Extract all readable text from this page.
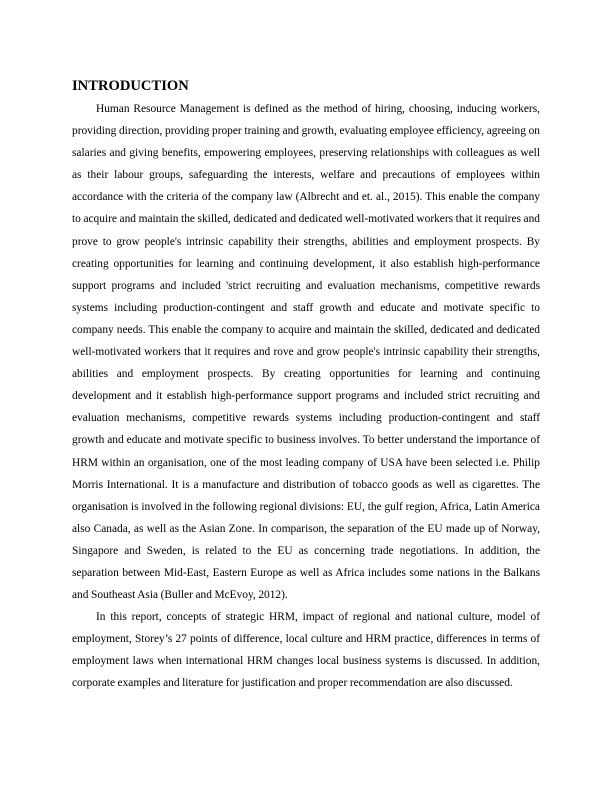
INTRODUCTION

Human Resource Management is defined as the method of hiring, choosing, inducing workers, providing direction, providing proper training and growth, evaluating employee efficiency, agreeing on salaries and giving benefits, empowering employees, preserving relationships with colleagues as well as their labour groups, safeguarding the interests, welfare and precautions of employees within accordance with the criteria of the company law (Albrecht and et. al., 2015). This enable the company to acquire and maintain the skilled, dedicated and dedicated well-motivated workers that it requires and prove to grow people's intrinsic capability their strengths, abilities and employment prospects. By creating opportunities for learning and continuing development, it also establish high-performance support programs and included 'strict recruiting and evaluation mechanisms, competitive rewards systems including production-contingent and staff growth and educate and motivate specific to company needs. This enable the company to acquire and maintain the skilled, dedicated and dedicated well-motivated workers that it requires and rove and grow people's intrinsic capability their strengths, abilities and employment prospects. By creating opportunities for learning and continuing development and it establish high-performance support programs and included strict recruiting and evaluation mechanisms, competitive rewards systems including production-contingent and staff growth and educate and motivate specific to business involves. To better understand the importance of HRM within an organisation, one of the most leading company of USA have been selected i.e. Philip Morris International. It is a manufacture and distribution of tobacco goods as well as cigarettes. The organisation is involved in the following regional divisions: EU, the gulf region, Africa, Latin America also Canada, as well as the Asian Zone. In comparison, the separation of the EU made up of Norway, Singapore and Sweden, is related to the EU as concerning trade negotiations. In addition, the separation between Mid-East, Eastern Europe as well as Africa includes some nations in the Balkans and Southeast Asia (Buller and McEvoy, 2012).

In this report, concepts of strategic HRM, impact of regional and national culture, model of employment, Storey’s 27 points of difference, local culture and HRM practice, differences in terms of employment laws when international HRM changes local business systems is discussed. In addition, corporate examples and literature for justification and proper recommendation are also discussed.
